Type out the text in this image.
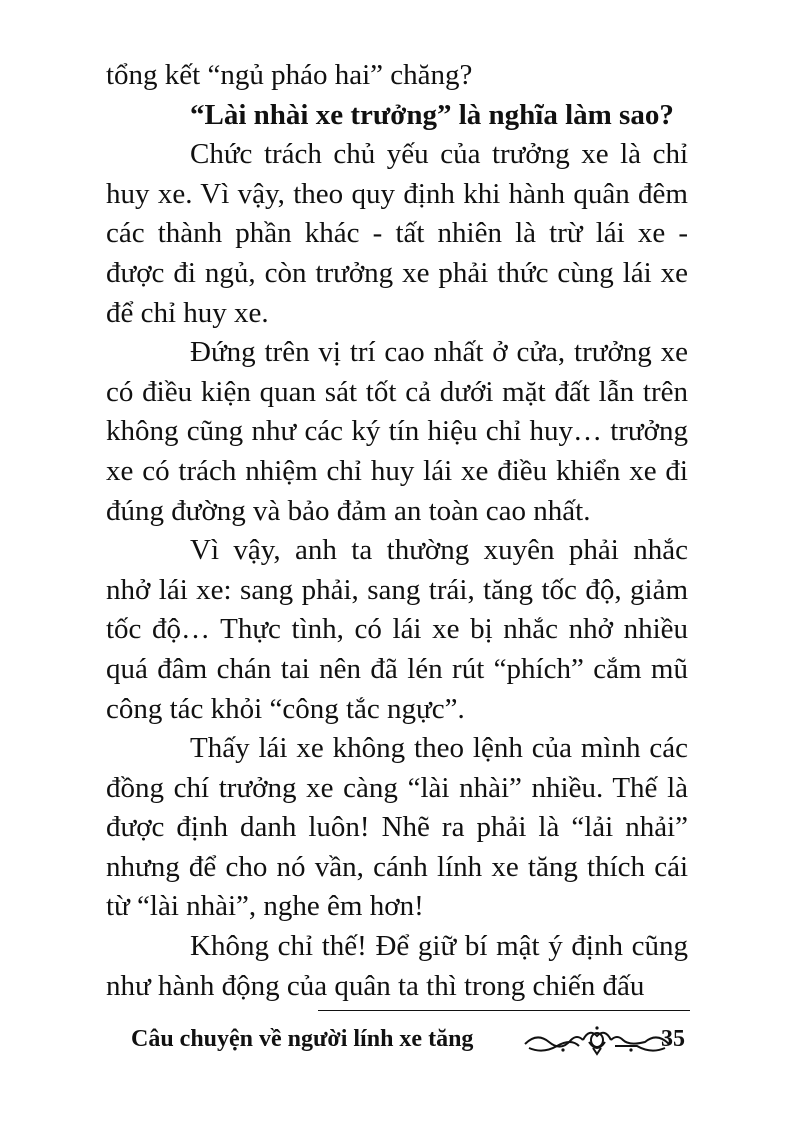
tổng kết “ngủ pháo hai” chăng?

“Lài nhài xe trưởng” là nghĩa làm sao?

Chức trách chủ yếu của trưởng xe là chỉ huy xe. Vì vậy, theo quy định khi hành quân đêm các thành phần khác - tất nhiên là trừ lái xe - được đi ngủ, còn trưởng xe phải thức cùng lái xe để chỉ huy xe.

Đứng trên vị trí cao nhất ở cửa, trưởng xe có điều kiện quan sát tốt cả dưới mặt đất lẫn trên không cũng như các ký tín hiệu chỉ huy… trưởng xe có trách nhiệm chỉ huy lái xe điều khiển xe đi đúng đường và bảo đảm an toàn cao nhất.

Vì vậy, anh ta thường xuyên phải nhắc nhở lái xe: sang phải, sang trái, tăng tốc độ, giảm tốc độ… Thực tình, có lái xe bị nhắc nhở nhiều quá đâm chán tai nên đã lén rút “phích” cắm mũ công tác khỏi “công tắc ngực”.

Thấy lái xe không theo lệnh của mình các đồng chí trưởng xe càng “lài nhài” nhiều. Thế là được định danh luôn! Nhẽ ra phải là “lải nhải” nhưng để cho nó vần, cánh lính xe tăng thích cái từ “lài nhài”, nghe êm hơn!

Không chỉ thế! Để giữ bí mật ý định cũng như hành động của quân ta thì trong chiến đấu

Câu chuyện về người lính xe tăng	35
